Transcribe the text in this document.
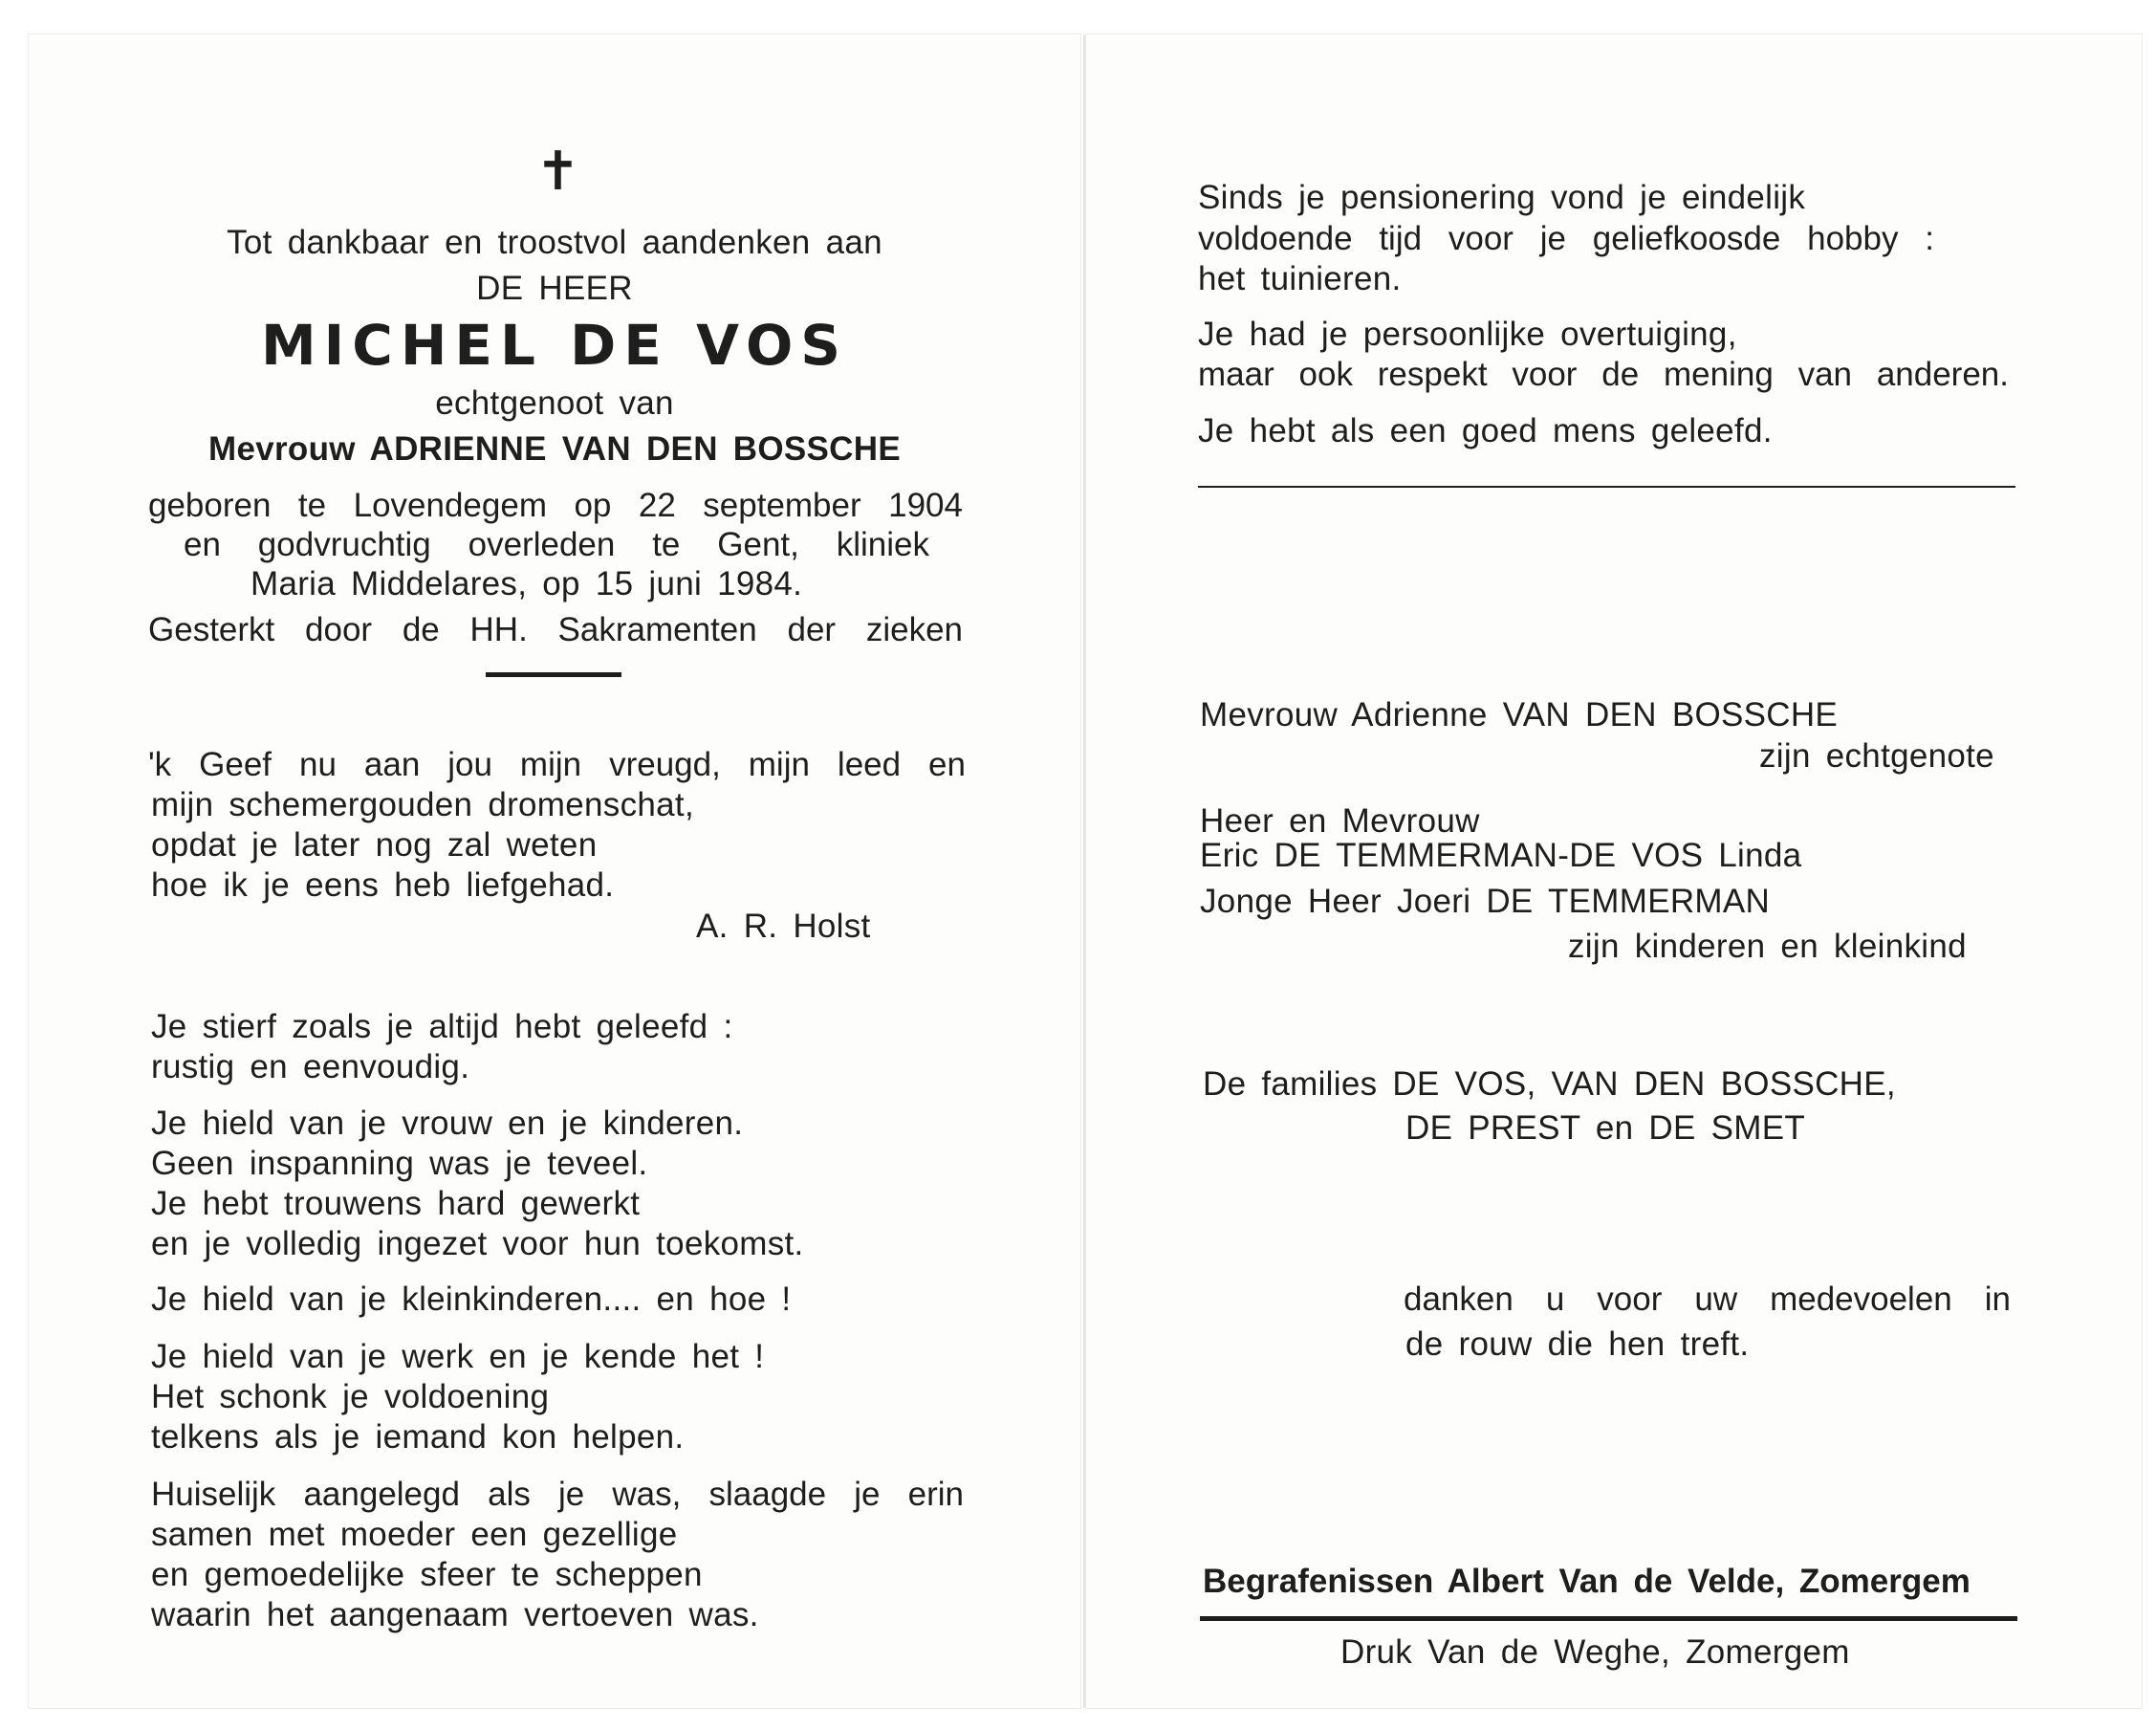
✝
Tot dankbaar en troostvol aandenken aan
DE HEER
MICHEL DE VOS
echtgenoot van
Mevrouw ADRIENNE VAN DEN BOSSCHE
geboren te Lovendegem op 22 september 1904
en godvruchtig overleden te Gent, kliniek
Maria Middelares, op 15 juni 1984.
Gesterkt door de HH. Sakramenten der zieken
'k Geef nu aan jou mijn vreugd, mijn leed en
mijn schemergouden dromenschat,
opdat je later nog zal weten
hoe ik je eens heb liefgehad.
A. R. Holst
Je stierf zoals je altijd hebt geleefd :
rustig en eenvoudig.
Je hield van je vrouw en je kinderen.
Geen inspanning was je teveel.
Je hebt trouwens hard gewerkt
en je volledig ingezet voor hun toekomst.
Je hield van je kleinkinderen.... en hoe !
Je hield van je werk en je kende het !
Het schonk je voldoening
telkens als je iemand kon helpen.
Huiselijk aangelegd als je was, slaagde je erin
samen met moeder een gezellige
en gemoedelijke sfeer te scheppen
waarin het aangenaam vertoeven was.
Sinds je pensionering vond je eindelijk
voldoende tijd voor je geliefkoosde hobby :
het tuinieren.
Je had je persoonlijke overtuiging,
maar ook respekt voor de mening van anderen.
Je hebt als een goed mens geleefd.
Mevrouw Adrienne VAN DEN BOSSCHE
zijn echtgenote
Heer en Mevrouw
Eric DE TEMMERMAN-DE VOS Linda
Jonge Heer Joeri DE TEMMERMAN
zijn kinderen en kleinkind
De families DE VOS, VAN DEN BOSSCHE,
DE PREST en DE SMET
danken u voor uw medevoelen in
de rouw die hen treft.
Begrafenissen Albert Van de Velde, Zomergem
Druk Van de Weghe, Zomergem
